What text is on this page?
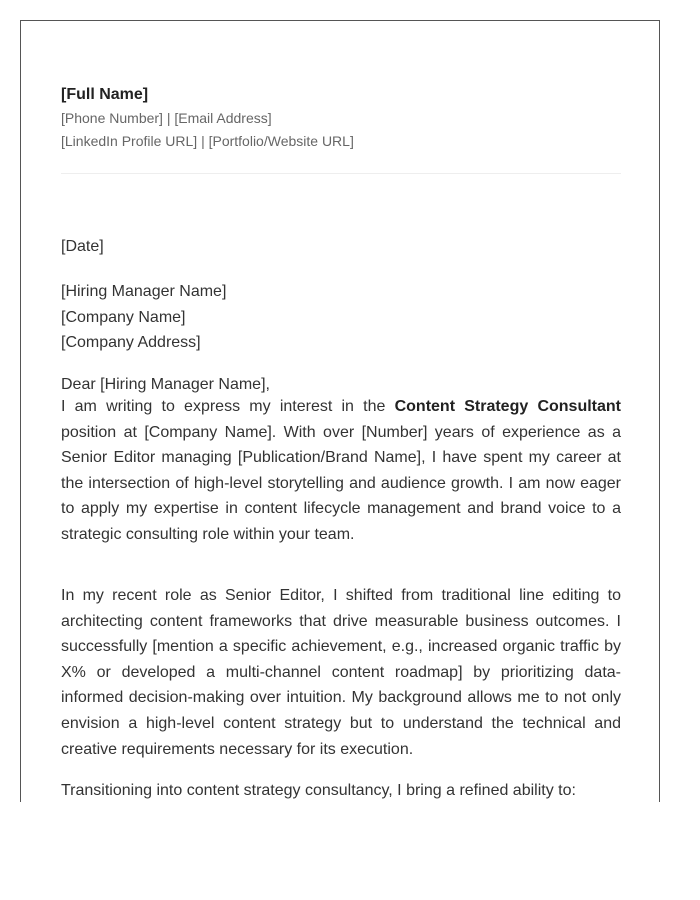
[Full Name]
[Phone Number] | [Email Address]
[LinkedIn Profile URL] | [Portfolio/Website URL]
[Date]
[Hiring Manager Name]
[Company Name]
[Company Address]
Dear [Hiring Manager Name],

I am writing to express my interest in the Content Strategy Consultant position at [Company Name]. With over [Number] years of experience as a Senior Editor managing [Publication/Brand Name], I have spent my career at the intersection of high-level storytelling and audience growth. I am now eager to apply my expertise in content lifecycle management and brand voice to a strategic consulting role within your team.

In my recent role as Senior Editor, I shifted from traditional line editing to architecting content frameworks that drive measurable business outcomes. I successfully [mention a specific achievement, e.g., increased organic traffic by X% or developed a multi-channel content roadmap] by prioritizing data-informed decision-making over intuition. My background allows me to not only envision a high-level content strategy but to understand the technical and creative requirements necessary for its execution.

Transitioning into content strategy consultancy, I bring a refined ability to:
